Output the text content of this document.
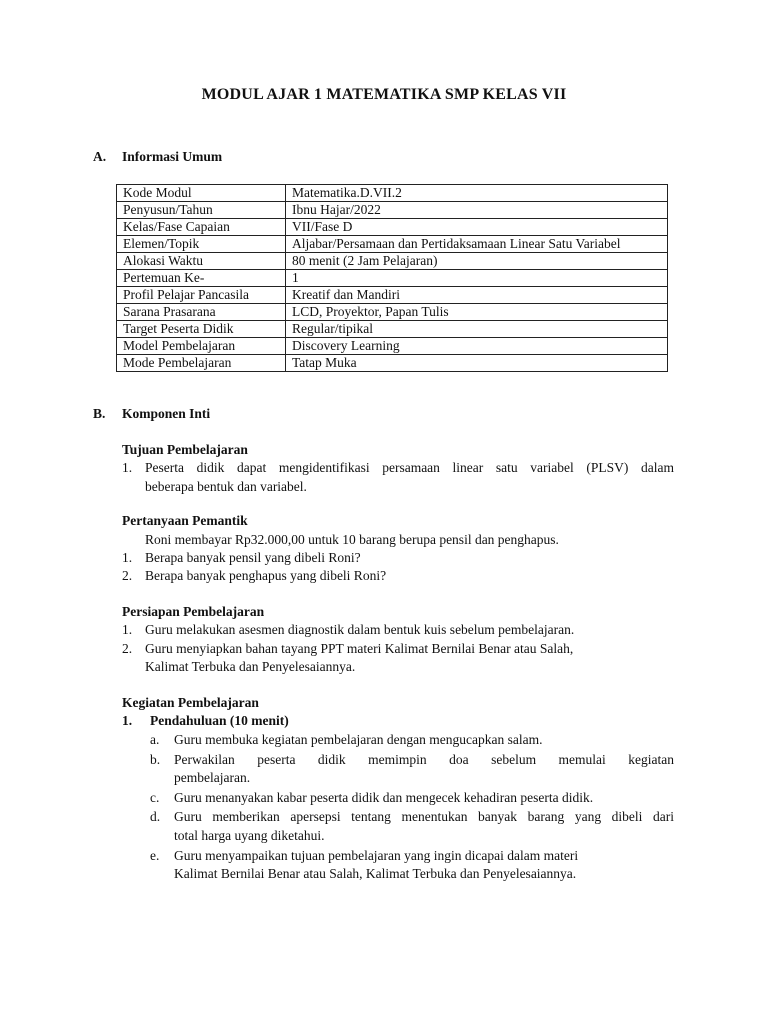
MODUL AJAR 1 MATEMATIKA SMP KELAS VII
A. Informasi Umum
Kode Modul	Matematika.D.VII.2
Penyusun/Tahun	Ibnu Hajar/2022
Kelas/Fase Capaian	VII/Fase D
Elemen/Topik	Aljabar/Persamaan dan Pertidaksamaan Linear Satu Variabel
Alokasi Waktu	80 menit (2 Jam Pelajaran)
Pertemuan Ke-	1
Profil Pelajar Pancasila	Kreatif dan Mandiri
Sarana Prasarana	LCD, Proyektor, Papan Tulis
Target Peserta Didik	Regular/tipikal
Model Pembelajaran	Discovery Learning
Mode Pembelajaran	Tatap Muka
B. Komponen Inti
Tujuan Pembelajaran
1. Peserta didik dapat mengidentifikasi persamaan linear satu variabel (PLSV) dalam
beberapa bentuk dan variabel.
Pertanyaan Pemantik
Roni membayar Rp32.000,00 untuk 10 barang berupa pensil dan penghapus.
1. Berapa banyak pensil yang dibeli Roni?
2. Berapa banyak penghapus yang dibeli Roni?
Persiapan Pembelajaran
1. Guru melakukan asesmen diagnostik dalam bentuk kuis sebelum pembelajaran.
2. Guru menyiapkan bahan tayang PPT materi Kalimat Bernilai Benar atau Salah,
Kalimat Terbuka dan Penyelesaiannya.
Kegiatan Pembelajaran
1. Pendahuluan (10 menit)
a. Guru membuka kegiatan pembelajaran dengan mengucapkan salam.
b. Perwakilan peserta didik memimpin doa sebelum memulai kegiatan
pembelajaran.
c. Guru menanyakan kabar peserta didik dan mengecek kehadiran peserta didik.
d. Guru memberikan apersepsi tentang menentukan banyak barang yang dibeli dari
total harga uyang diketahui.
e. Guru menyampaikan tujuan pembelajaran yang ingin dicapai dalam materi
Kalimat Bernilai Benar atau Salah, Kalimat Terbuka dan Penyelesaiannya.
